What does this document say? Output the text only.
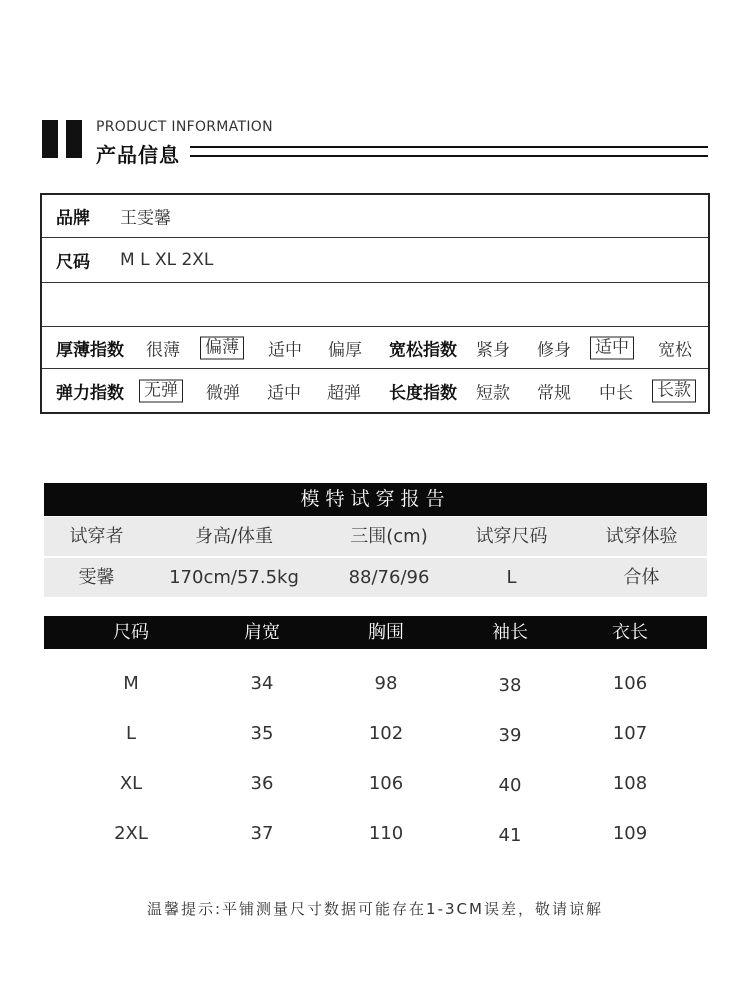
PRODUCT INFORMATION
产品信息
品牌 王雯馨
尺码 M L XL 2XL
厚薄指数 很薄 偏薄 适中 偏厚 宽松指数 紧身 修身 适中 宽松
弹力指数 无弹 微弹 适中 超弹 长度指数 短款 常规 中长 长款
模特试穿报告
试穿者	身高/体重	三围(cm)	试穿尺码	试穿体验
雯馨	170cm/57.5kg	88/76/96	L	合体
尺码	肩宽	胸围	袖长	衣长
M	34	98	38	106
L	35	102	39	107
XL	36	106	40	108
2XL	37	110	41	109
温馨提示:平铺测量尺寸数据可能存在1-3CM误差，敬请谅解
